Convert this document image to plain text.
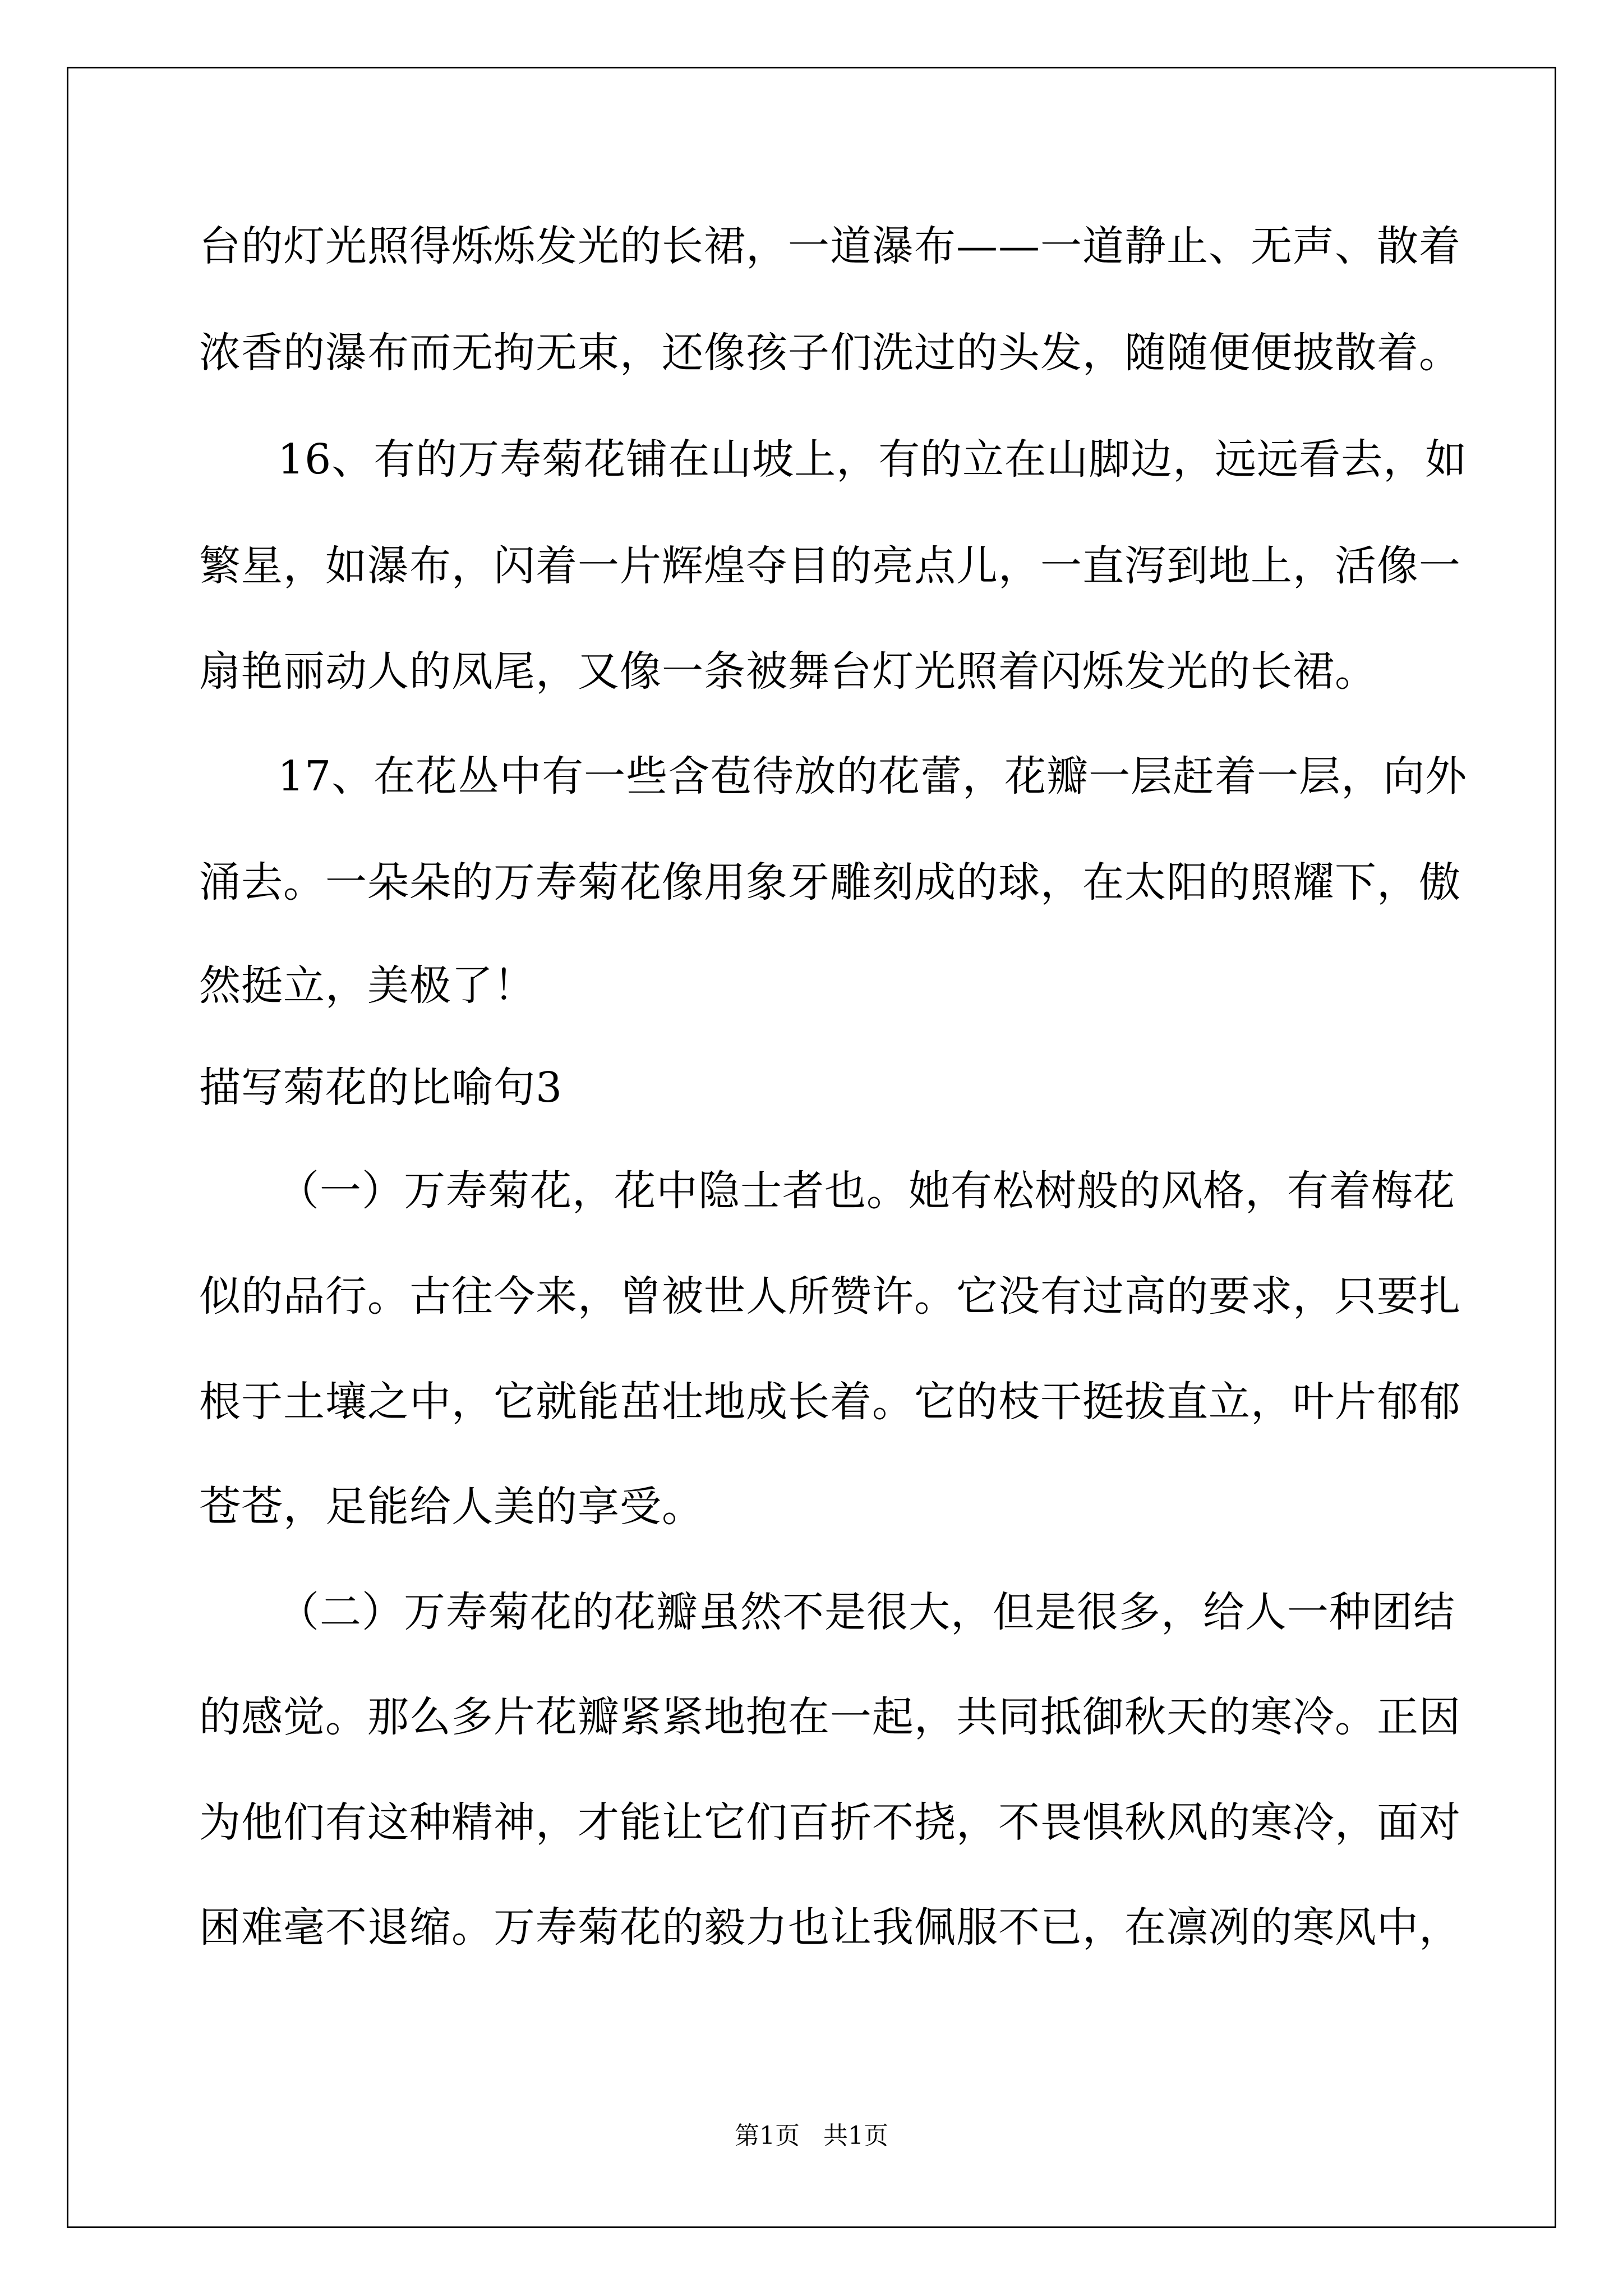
台的灯光照得烁烁发光的长裙，一道瀑布——一道静止、无声、散着
浓香的瀑布而无拘无束，还像孩子们洗过的头发，随随便便披散着。
16、有的万寿菊花铺在山坡上，有的立在山脚边，远远看去，如
繁星，如瀑布，闪着一片辉煌夺目的亮点儿，一直泻到地上，活像一
扇艳丽动人的凤尾，又像一条被舞台灯光照着闪烁发光的长裙。
17、在花丛中有一些含苞待放的花蕾，花瓣一层赶着一层，向外
涌去。一朵朵的万寿菊花像用象牙雕刻成的球，在太阳的照耀下，傲
然挺立，美极了！
描写菊花的比喻句3
（一）万寿菊花，花中隐士者也。她有松树般的风格，有着梅花
似的品行。古往今来，曾被世人所赞许。它没有过高的要求，只要扎
根于土壤之中，它就能茁壮地成长着。它的枝干挺拔直立，叶片郁郁
苍苍，足能给人美的享受。
（二）万寿菊花的花瓣虽然不是很大，但是很多，给人一种团结
的感觉。那么多片花瓣紧紧地抱在一起，共同抵御秋天的寒冷。正因
为他们有这种精神，才能让它们百折不挠，不畏惧秋风的寒冷，面对
困难毫不退缩。万寿菊花的毅力也让我佩服不已，在凛冽的寒风中，
第1页   共1页
